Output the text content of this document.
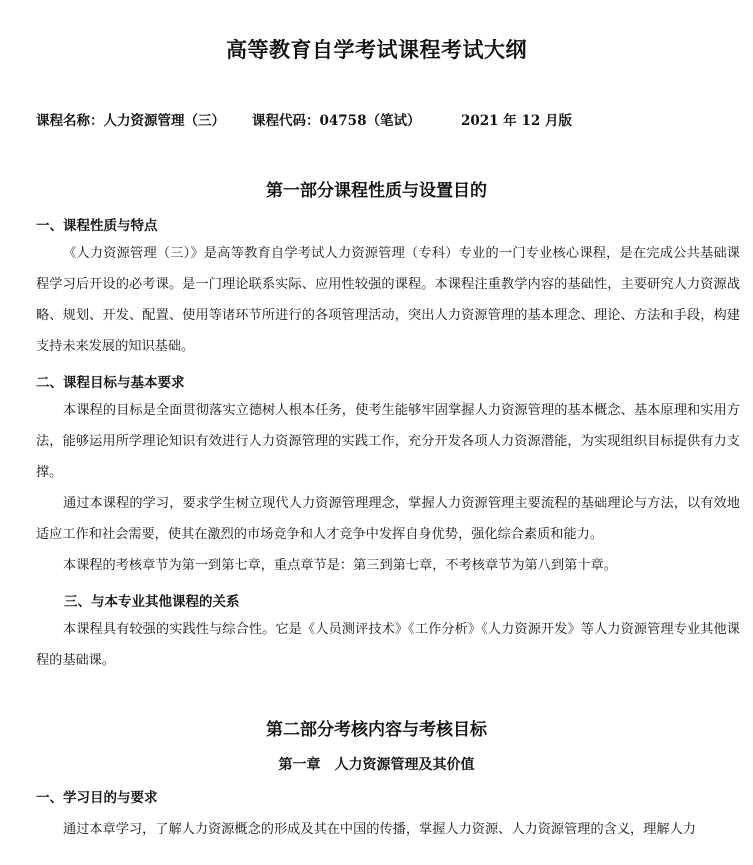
高等教育自学考试课程考试大纲
课程名称：人力资源管理（三） 课程代码：04758（笔试）	2021 年 12 月版
第一部分课程性质与设置目的
一、课程性质与特点

《人力资源管理（三）》是高等教育自学考试人力资源管理（专科）专业的一门专业核心课程，是在完成公共基础课程学习后开设的必考课。是一门理论联系实际、应用性较强的课程。本课程注重教学内容的基础性，主要研究人力资源战略、规划、开发、配置、使用等诸环节所进行的各项管理活动，突出人力资源管理的基本理念、理论、方法和手段，构建支持未来发展的知识基础。

二、课程目标与基本要求

本课程的目标是全面贯彻落实立德树人根本任务，使考生能够牢固掌握人力资源管理的基本概念、基本原理和实用方法，能够运用所学理论知识有效进行人力资源管理的实践工作，充分开发各项人力资源潜能，为实现组织目标提供有力支撑。

通过本课程的学习，要求学生树立现代人力资源管理理念，掌握人力资源管理主要流程的基础理论与方法，以有效地适应工作和社会需要，使其在激烈的市场竞争和人才竞争中发挥自身优势，强化综合素质和能力。

本课程的考核章节为第一到第七章，重点章节是：第三到第七章，不考核章节为第八到第十章。

三、与本专业其他课程的关系

本课程具有较强的实践性与综合性。它是《人员测评技术》《工作分析》《人力资源开发》等人力资源管理专业其他课程的基础课。

第二部分考核内容与考核目标
第一章　人力资源管理及其价值
一、学习目的与要求
通过本章学习，了解人力资源概念的形成及其在中国的传播，掌握人力资源、人力资源管理的含义，理解人力
